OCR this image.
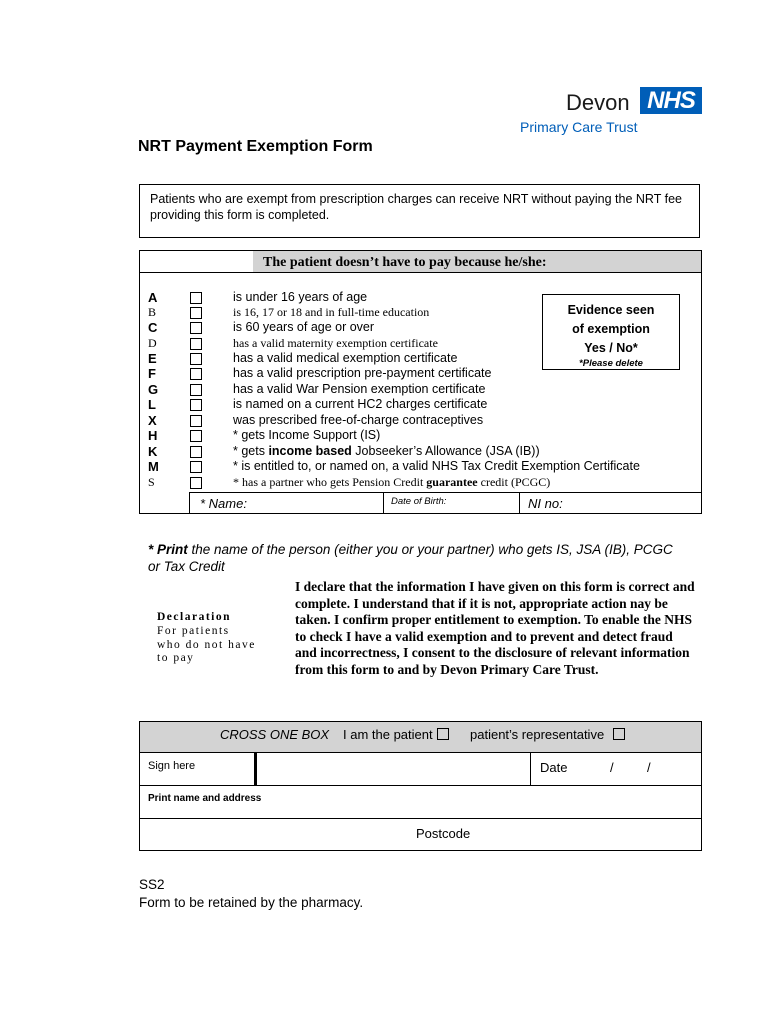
Devon NHS
Primary Care Trust
NRT Payment Exemption Form
Patients who are exempt from prescription charges can receive NRT without paying the NRT fee providing this form is completed.
The patient doesn’t have to pay because he/she:
A	is under 16 years of age
B	is 16, 17 or 18 and in full-time education
C	is 60 years of age or over
D	has a valid maternity exemption certificate
E	has a valid medical exemption certificate
F	has a valid prescription pre-payment certificate
G	has a valid War Pension exemption certificate
L	is named on a current HC2 charges certificate
X	was prescribed free-of-charge contraceptives
H	* gets Income Support (IS)
K	* gets income based Jobseeker’s Allowance (JSA (IB))
M	* is entitled to, or named on, a valid NHS Tax Credit Exemption Certificate
S	* has a partner who gets Pension Credit guarantee credit (PCGC)
Evidence seen
of exemption
Yes / No*
*Please delete
* Name:	Date of Birth:	NI no:
* Print the name of the person (either you or your partner) who gets IS, JSA (IB), PCGC or Tax Credit
Declaration
For patients who do not have to pay
I declare that the information I have given on this form is correct and complete. I understand that if it is not, appropriate action nay be taken. I confirm proper entitlement to exemption. To enable the NHS to check I have a valid exemption and to prevent and detect fraud and incorrectness, I consent to the disclosure of relevant information from this form to and by Devon Primary Care Trust.
CROSS ONE BOX I am the patient	patient’s representative
Sign here	Date	/	/
Print name and address
Postcode
SS2
Form to be retained by the pharmacy.
